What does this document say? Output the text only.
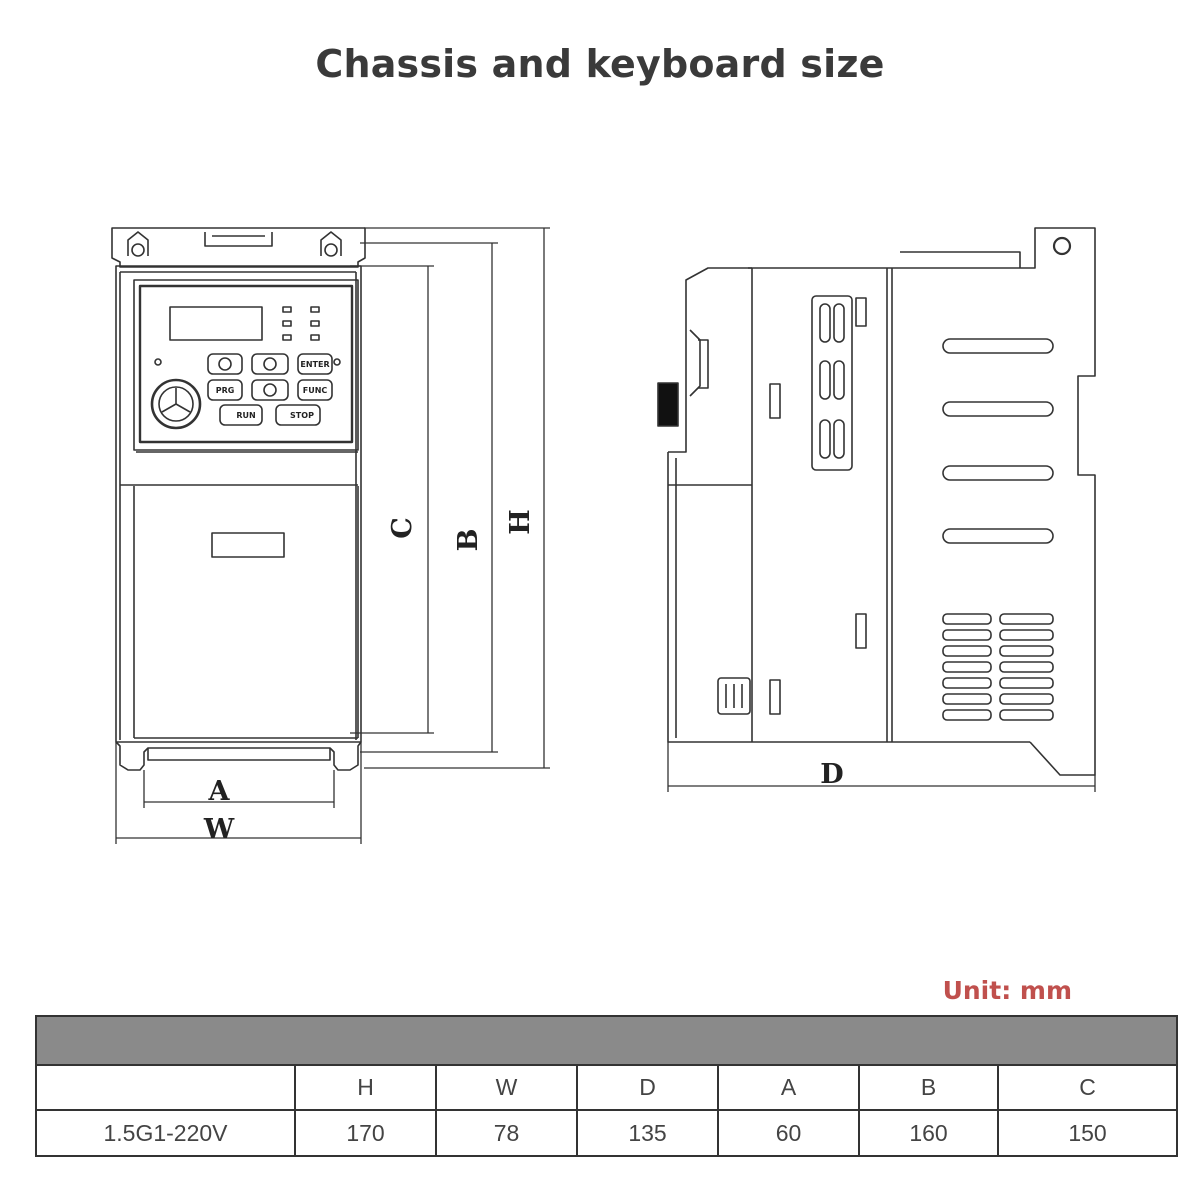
Chassis and keyboard size
ENTER
PRG	FUNC
RUN	STOP
C
B
H
A
W
D
Unit: mm

	H	W	D	A	B	C
1.5G1-220V	170	78	135	60	160	150
